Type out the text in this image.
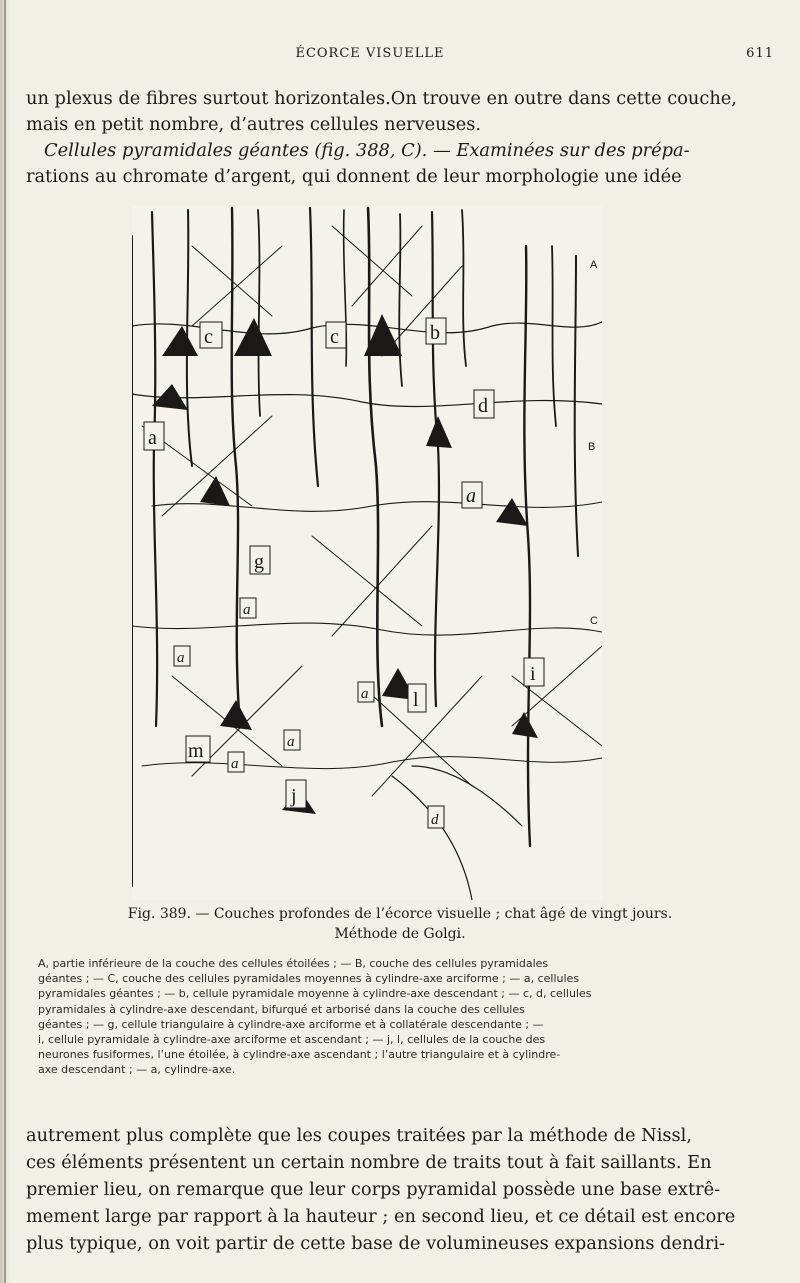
ÉCORCE VISUELLE	611
un plexus de fibres surtout horizontales.On trouve en outre dans cette couche,
mais en petit nombre, d’autres cellules nerveuses.
Cellules pyramidales géantes (fig. 388, C). — Examinées sur des prépa-
rations au chromate d’argent, qui donnent de leur morphologie une idée
c	c	b
d
a
a
g
a
a
a l
m	a
a
j
d
i
A
B
C
Fig. 389. — Couches profondes de l’écorce visuelle ; chat âgé de vingt jours.
Méthode de Golgi.
A, partie inférieure de la couche des cellules étoilées ; — B, couche des cellules pyramidales
géantes ; — C, couche des cellules pyramidales moyennes à cylindre-axe arciforme ; — a, cellules
pyramidales géantes ; — b, cellule pyramidale moyenne à cylindre-axe descendant ; — c, d, cellules
pyramidales à cylindre-axe descendant, bifurqué et arborisé dans la couche des cellules
géantes ; — g, cellule triangulaire à cylindre-axe arciforme et à collatérale descendante ; —
i, cellule pyramidale à cylindre-axe arciforme et ascendant ; — j, l, cellules de la couche des
neurones fusiformes, l’une étoilée, à cylindre-axe ascendant ; l’autre triangulaire et à cylindre-
axe descendant ; — a, cylindre-axe.
autrement plus complète que les coupes traitées par la méthode de Nissl,
ces éléments présentent un certain nombre de traits tout à fait saillants. En
premier lieu, on remarque que leur corps pyramidal possède une base extrê-
mement large par rapport à la hauteur ; en second lieu, et ce détail est encore
plus typique, on voit partir de cette base de volumineuses expansions dendri-
